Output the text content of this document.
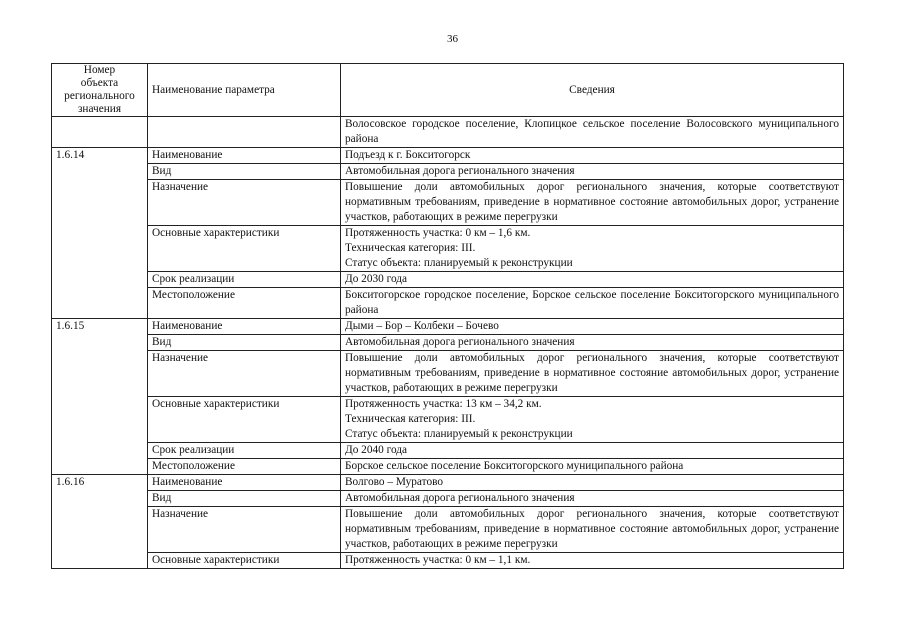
36
Номер
объекта
регионального
значения	Наименование параметра	Сведения
		Волосовское городское поселение, Клопицкое сельское поселение Волосовского муниципального района
1.6.14	Наименование	Подъезд к г. Бокситогорск

	Вид	Автомобильная дорога регионального значения

	Назначение	Повышение доли автомобильных дорог регионального значения, которые соответствуют нормативным требованиям, приведение в нормативное состояние автомобильных дорог, устранение участков, работающих в режиме перегрузки

	Основные характеристики	Протяженность участка: 0 км – 1,6 км.
Техническая категория: III.
Статус объекта: планируемый к реконструкции

	Срок реализации	До 2030 года

	Местоположение	Бокситогорское городское поселение, Борское сельское поселение Бокситогорского муниципального района

1.6.15	Наименование	Дыми – Бор – Колбеки – Бочево

	Вид	Автомобильная дорога регионального значения

	Назначение	Повышение доли автомобильных дорог регионального значения, которые соответствуют нормативным требованиям, приведение в нормативное состояние автомобильных дорог, устранение участков, работающих в режиме перегрузки

	Основные характеристики	Протяженность участка: 13 км – 34,2 км.
Техническая категория: III.
Статус объекта: планируемый к реконструкции

	Срок реализации	До 2040 года

	Местоположение	Борское сельское поселение Бокситогорского муниципального района

1.6.16	Наименование	Волгово – Муратово

	Вид	Автомобильная дорога регионального значения

	Назначение	Повышение доли автомобильных дорог регионального значения, которые соответствуют нормативным требованиям, приведение в нормативное состояние автомобильных дорог, устранение участков, работающих в режиме перегрузки

	Основные характеристики	Протяженность участка: 0 км – 1,1 км.
